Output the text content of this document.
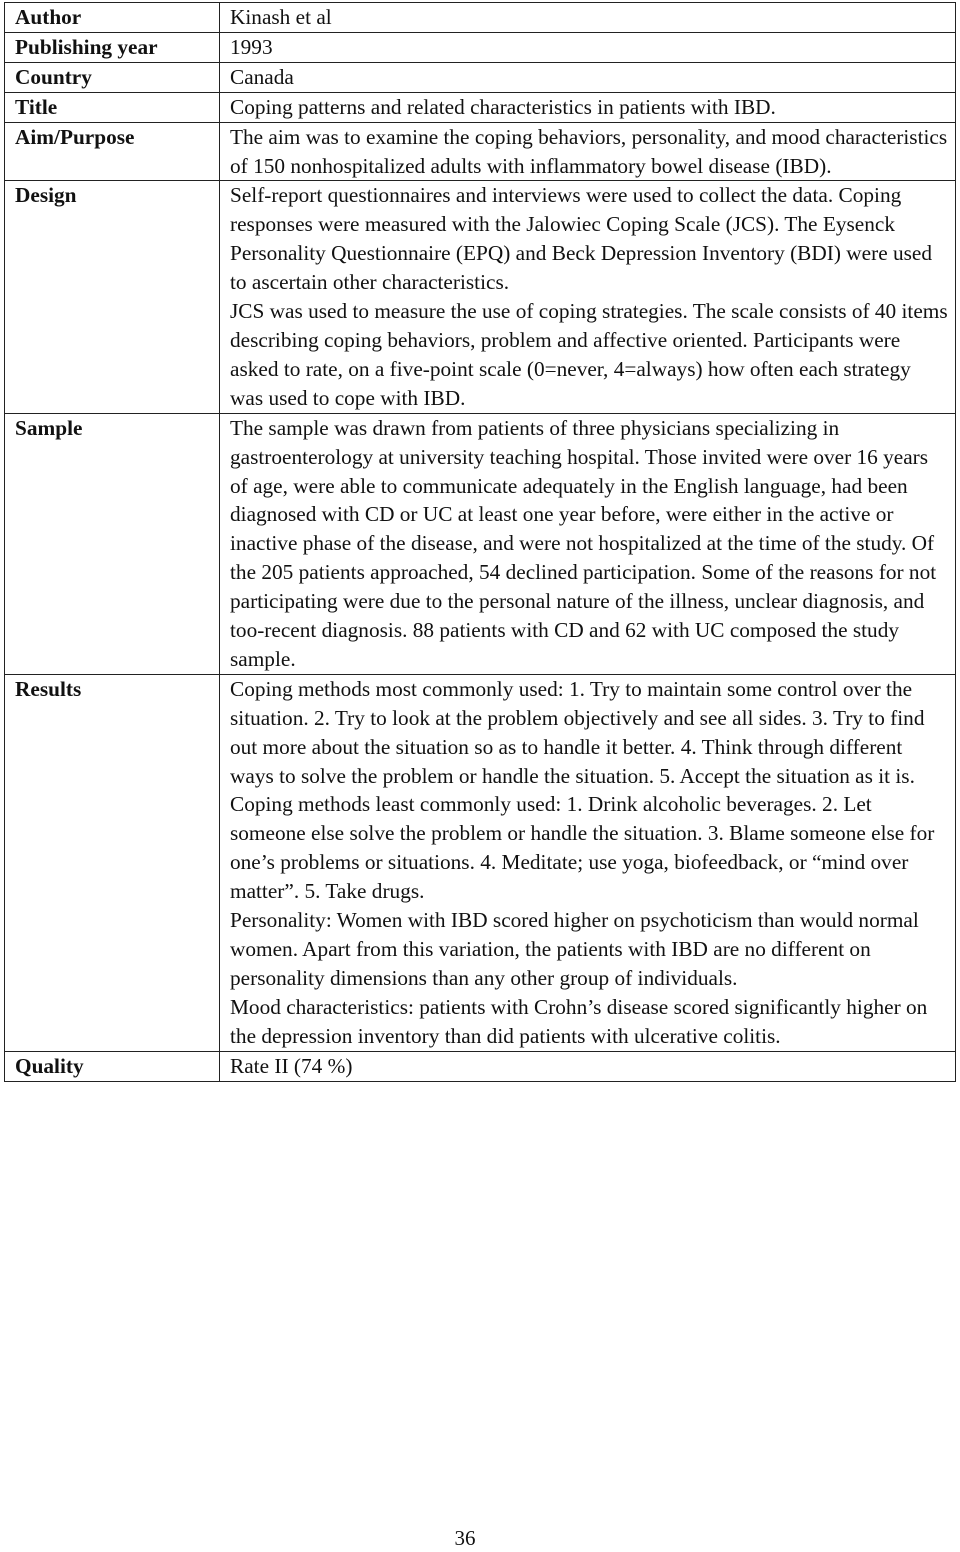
Author	Kinash et al

Publishing year	1993

Country	Canada

Title	Coping patterns and related characteristics in patients with IBD.

Aim/Purpose	The aim was to examine the coping behaviors, personality, and mood characteristics of 150 nonhospitalized adults with inflammatory bowel disease (IBD).

Design	Self-report questionnaires and interviews were used to collect the data. Coping responses were measured with the Jalowiec Coping Scale (JCS). The Eysenck Personality Questionnaire (EPQ) and Beck Depression Inventory (BDI) were used to ascertain other characteristics.

JCS was used to measure the use of coping strategies. The scale consists of 40 items describing coping behaviors, problem and affective oriented. Participants were asked to rate, on a five-point scale (0=never, 4=always) how often each strategy was used to cope with IBD.

Sample	The sample was drawn from patients of three physicians specializing in gastroenterology at university teaching hospital. Those invited were over 16 years of age, were able to communicate adequately in the English language, had been diagnosed with CD or UC at least one year before, were either in the active or inactive phase of the disease, and were not hospitalized at the time of the study. Of the 205 patients approached, 54 declined participation. Some of the reasons for not participating were due to the personal nature of the illness, unclear diagnosis, and too-recent diagnosis. 88 patients with CD and 62 with UC composed the study sample.

Results	Coping methods most commonly used: 1. Try to maintain some control over the situation. 2. Try to look at the problem objectively and see all sides. 3. Try to find out more about the situation so as to handle it better. 4. Think through different ways to solve the problem or handle the situation. 5. Accept the situation as it is.

Coping methods least commonly used: 1. Drink alcoholic beverages. 2. Let someone else solve the problem or handle the situation. 3. Blame someone else for one’s problems or situations. 4. Meditate; use yoga, biofeedback, or “mind over matter”. 5. Take drugs.

Personality: Women with IBD scored higher on psychoticism than would normal women. Apart from this variation, the patients with IBD are no different on personality dimensions than any other group of individuals.

Mood characteristics: patients with Crohn’s disease scored significantly higher on the depression inventory than did patients with ulcerative colitis.

Quality	Rate II (74 %)

36
